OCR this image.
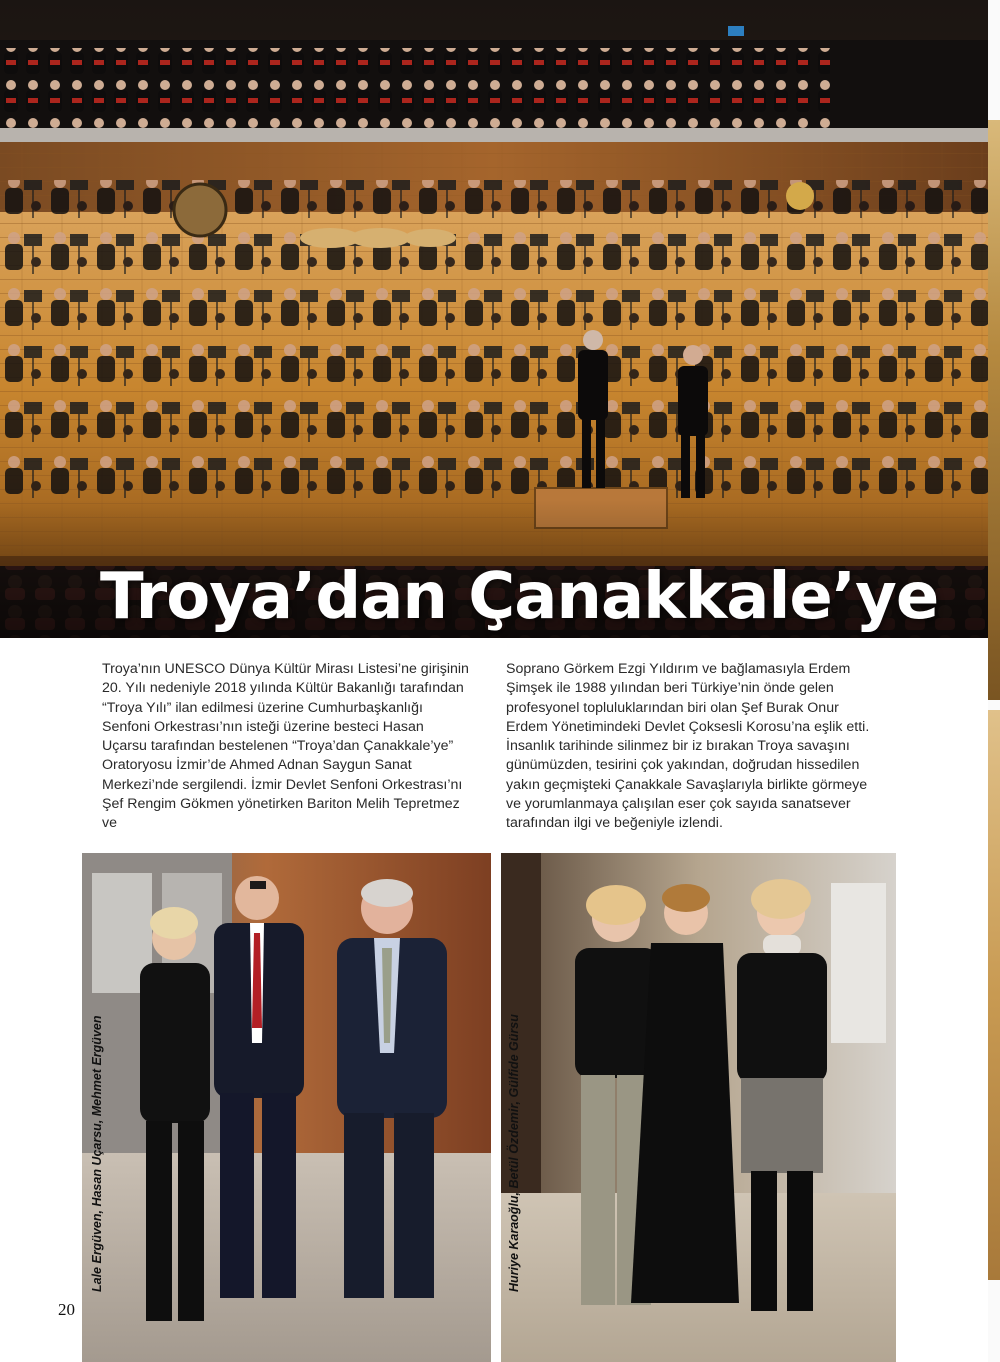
Troya’dan Çanakkale’ye

Troya’nın UNESCO Dünya Kültür Mirası Listesi’ne girişinin 20. Yılı nedeniyle 2018 yılında Kültür Bakanlığı tarafından “Troya Yılı” ilan edilmesi üzerine Cumhurbaşkanlığı Senfoni Orkestrası’nın isteği üzerine besteci Hasan Uçarsu tarafından bestelenen “Troya’dan Çanakkale’ye” Oratoryosu İzmir’de Ahmed Adnan Saygun Sanat Merkezi’nde sergilendi. İzmir Devlet Senfoni Orkestrası’nı Şef Rengim Gökmen yönetirken Bariton Melih Tepretmez ve

Soprano Görkem Ezgi Yıldırım ve bağlamasıyla Erdem Şimşek ile 1988 yılından beri Türkiye’nin önde gelen profesyonel topluluklarından biri olan Şef Burak Onur Erdem Yönetimindeki Devlet Çoksesli Korosu’na eşlik etti. İnsanlık tarihinde silinmez bir iz bırakan Troya savaşını günümüzden, tesirini çok yakından, doğrudan hissedilen yakın geçmişteki Çanakkale Savaşlarıyla birlikte görmeye ve yorumlanmaya çalışılan eser çok sayıda sanatsever tarafından ilgi ve beğeniyle izlendi.

Lale Ergüven, Hasan Uçarsu, Mehmet Ergüven	Huriye Karaoğlu, Betül Özdemir, Gülfide Gürsu
20
